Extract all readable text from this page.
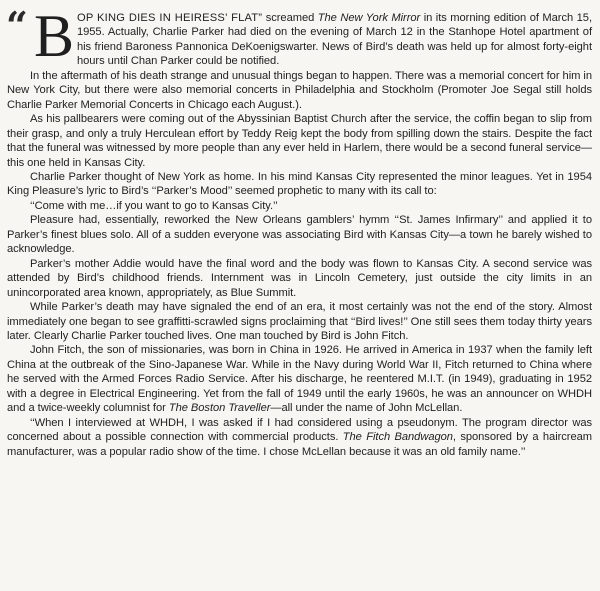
“ B OP KING DIES IN HEIRESS’ FLAT” screamed The New York Mirror in its morning edition of March 15, 1955. Actually, Charlie Parker had died on the evening of March 12 in the Stanhope Hotel apartment of his friend Baroness Pannonica DeKoenigswarter. News of Bird’s death was held up for almost forty-eight hours until Chan Parker could be notified.

In the aftermath of his death strange and unusual things began to happen. There was a memorial concert for him in New York City, but there were also memorial concerts in Philadelphia and Stockholm (Promoter Joe Segal still holds Charlie Parker Memorial Concerts in Chicago each August.).

As his pallbearers were coming out of the Abyssinian Baptist Church after the service, the coffin began to slip from their grasp, and only a truly Herculean effort by Teddy Reig kept the body from spilling down the stairs. Despite the fact that the funeral was witnessed by more people than any ever held in Harlem, there would be a second funeral service—this one held in Kansas City.

Charlie Parker thought of New York as home. In his mind Kansas City represented the minor leagues. Yet in 1954 King Pleasure’s lyric to Bird’s ‘‘Parker’s Mood’’ seemed prophetic to many with its call to:

‘‘Come with me…if you want to go to Kansas City.’’

Pleasure had, essentially, reworked the New Orleans gamblers’ hymm ‘‘St. James Infirmary’’ and applied it to Parker’s finest blues solo. All of a sudden everyone was associating Bird with Kansas City—a town he barely wished to acknowledge.

Parker’s mother Addie would have the final word and the body was flown to Kansas City. A second service was attended by Bird’s childhood friends. Internment was in Lincoln Cemetery, just outside the city limits in an unincorporated area known, appropriately, as Blue Summit.

While Parker’s death may have signaled the end of an era, it most certainly was not the end of the story. Almost immediately one began to see graffitti-scrawled signs proclaiming that ‘‘Bird lives!’’ One still sees them today thirty years later. Clearly Charlie Parker touched lives. One man touched by Bird is John Fitch.

John Fitch, the son of missionaries, was born in China in 1926. He arrived in America in 1937 when the family left China at the outbreak of the Sino-Japanese War. While in the Navy during World War II, Fitch returned to China where he served with the Armed Forces Radio Service. After his discharge, he reentered M.I.T. (in 1949), graduating in 1952 with a degree in Electrical Engineering. Yet from the fall of 1949 until the early 1960s, he was an announcer on WHDH and a twice-weekly columnist for The Boston Traveller—all under the name of John McLellan.

‘‘When I interviewed at WHDH, I was asked if I had considered using a pseudonym. The program director was concerned about a possible connection with commercial products. The Fitch Bandwagon, sponsored by a haircream manufacturer, was a popular radio show of the time. I chose McLellan because it was an old family name.’’
